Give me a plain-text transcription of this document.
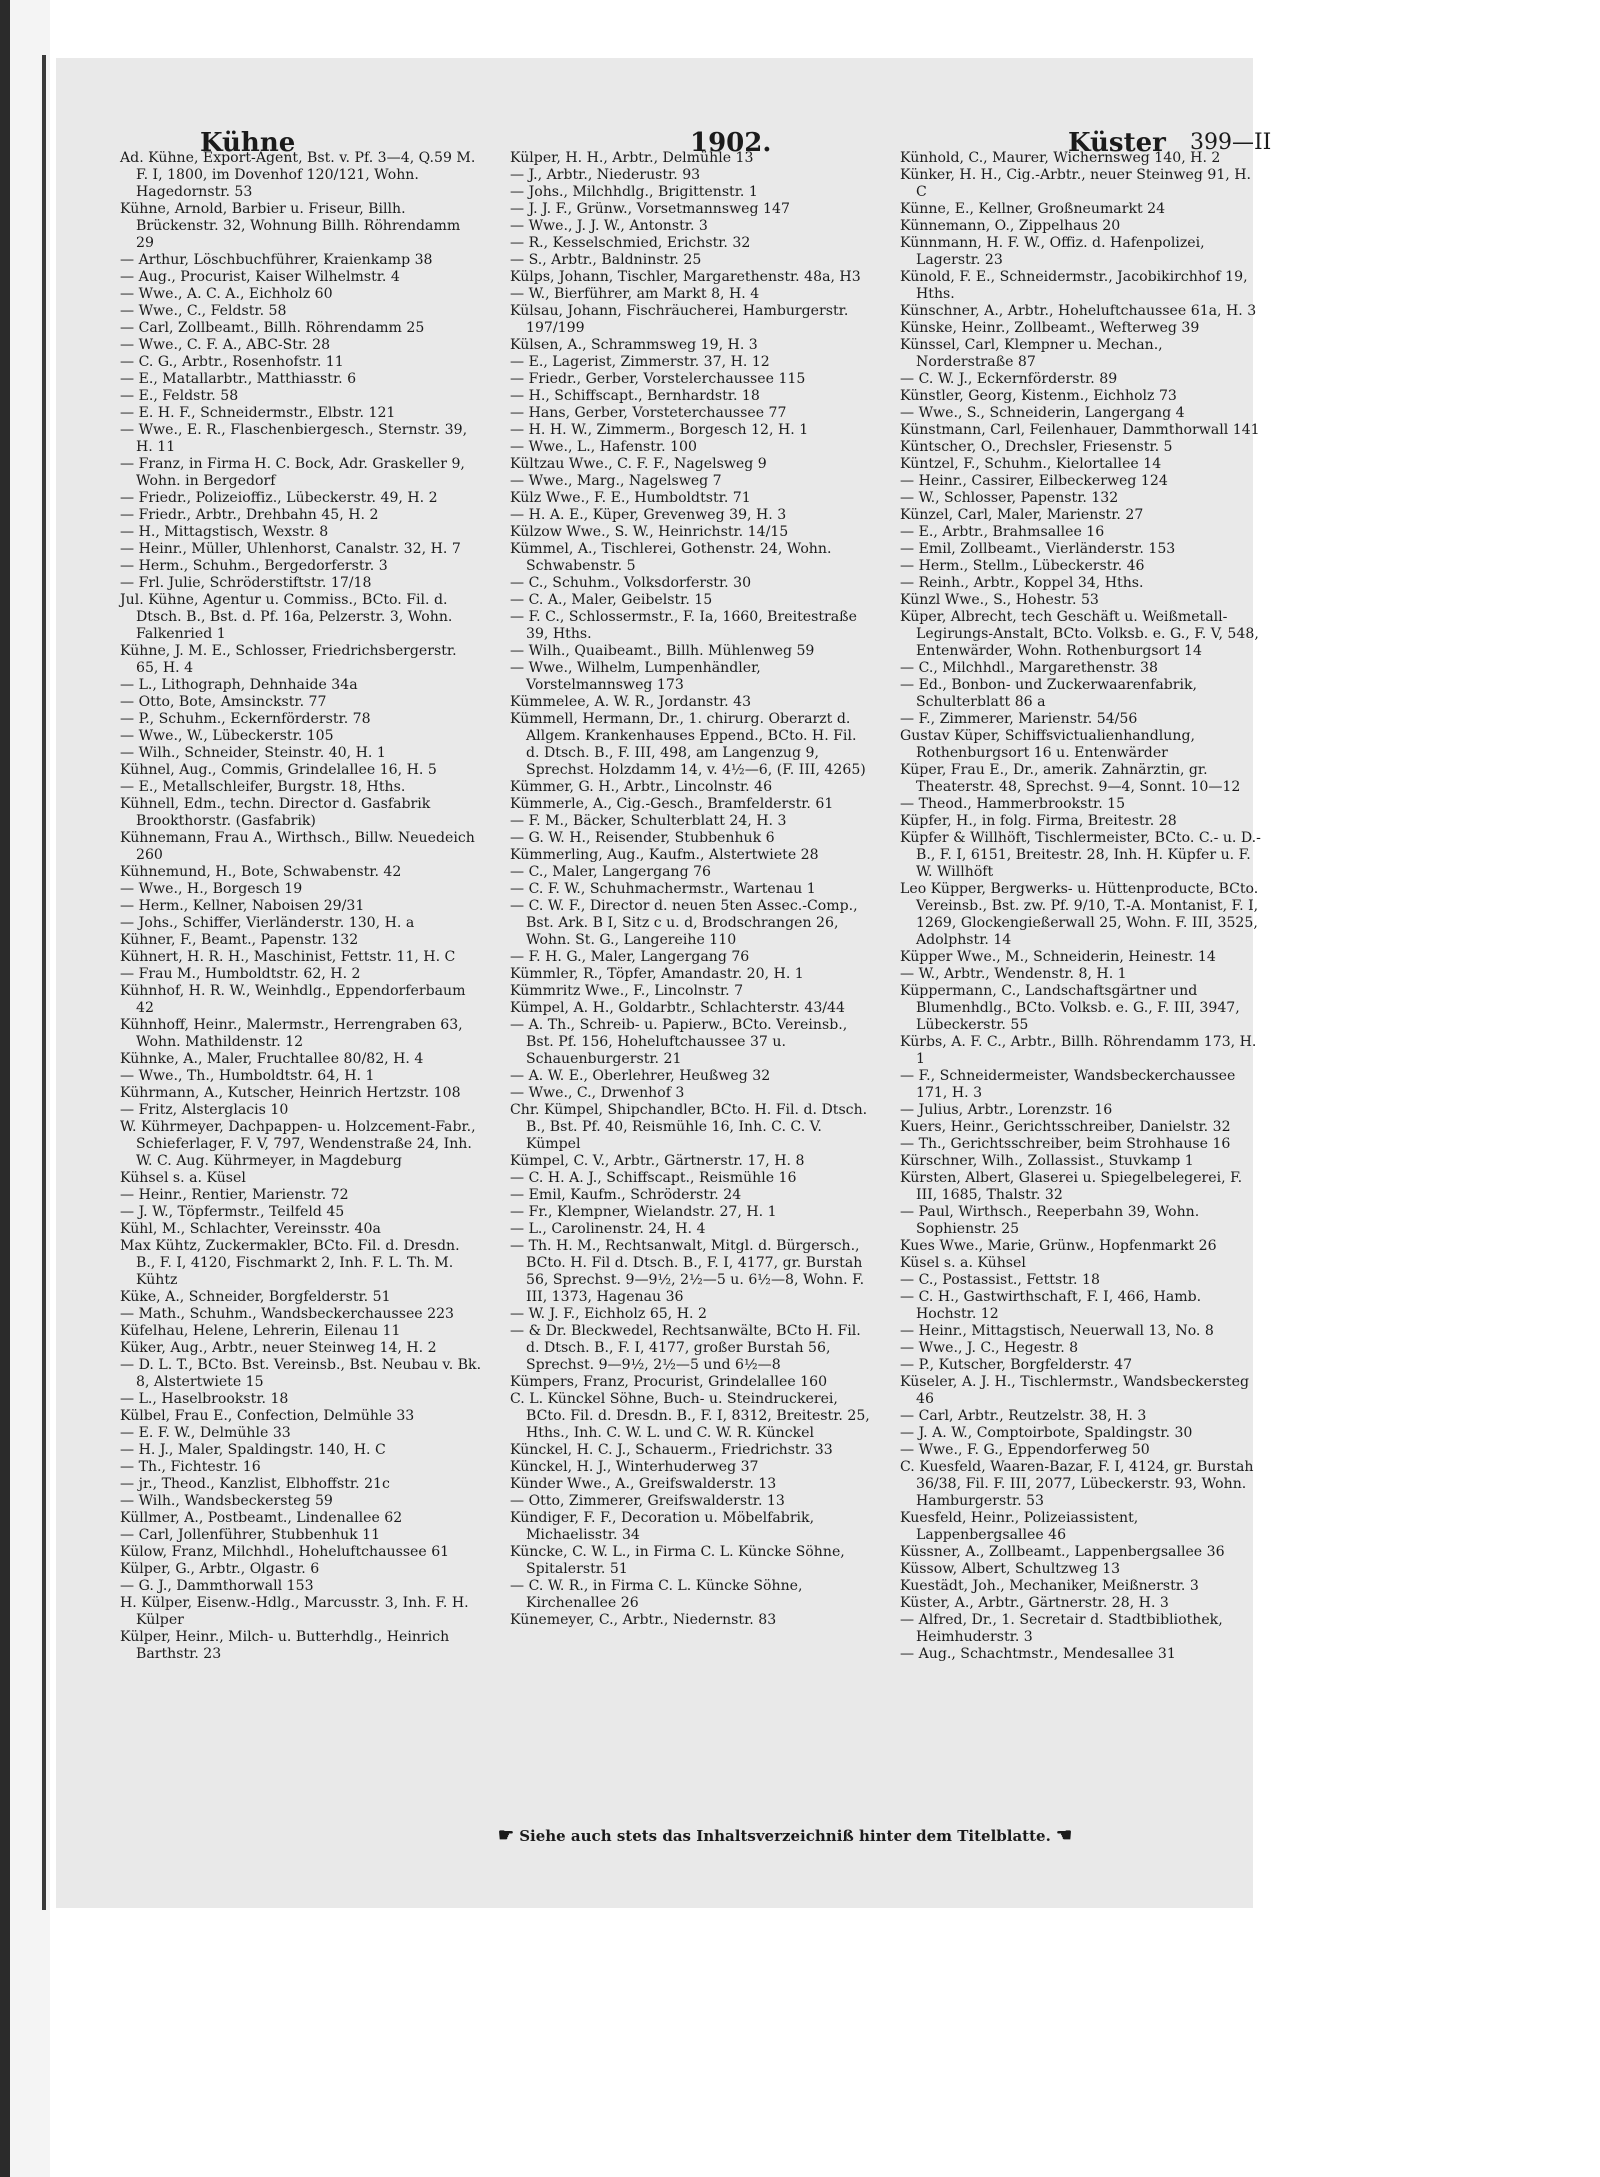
Kühne	1902.	Küster 399—II

Ad. Kühne, Export-Agent, Bst. v. Pf. 3—4, Q.59 M. F. I, 1800, im Dovenhof 120/121, Wohn. Hagedornstr. 53

Kühne, Arnold, Barbier u. Friseur, Billh. Brückenstr. 32, Wohnung Billh. Röhrendamm 29

— Arthur, Löschbuchführer, Kraienkamp 38

— Aug., Procurist, Kaiser Wilhelmstr. 4

— Wwe., A. C. A., Eichholz 60

— Wwe., C., Feldstr. 58

— Carl, Zollbeamt., Billh. Röhrendamm 25

— Wwe., C. F. A., ABC-Str. 28

— C. G., Arbtr., Rosenhofstr. 11

— E., Matallarbtr., Matthiasstr. 6

— E., Feldstr. 58

— E. H. F., Schneidermstr., Elbstr. 121

— Wwe., E. R., Flaschenbiergesch., Sternstr. 39, H. 11

— Franz, in Firma H. C. Bock, Adr. Graskeller 9, Wohn. in Bergedorf

— Friedr., Polizeioffiz., Lübeckerstr. 49, H. 2

— Friedr., Arbtr., Drehbahn 45, H. 2

— H., Mittagstisch, Wexstr. 8

— Heinr., Müller, Uhlenhorst, Canalstr. 32, H. 7

— Herm., Schuhm., Bergedorferstr. 3

— Frl. Julie, Schröderstiftstr. 17/18

Jul. Kühne, Agentur u. Commiss., BCto. Fil. d. Dtsch. B., Bst. d. Pf. 16a, Pelzerstr. 3, Wohn. Falkenried 1

Kühne, J. M. E., Schlosser, Friedrichsbergerstr. 65, H. 4

— L., Lithograph, Dehnhaide 34a

— Otto, Bote, Amsinckstr. 77

— P., Schuhm., Eckernförderstr. 78

— Wwe., W., Lübeckerstr. 105

— Wilh., Schneider, Steinstr. 40, H. 1

Kühnel, Aug., Commis, Grindelallee 16, H. 5

— E., Metallschleifer, Burgstr. 18, Hths.

Kühnell, Edm., techn. Director d. Gasfabrik Brookthorstr. (Gasfabrik)

Kühnemann, Frau A., Wirthsch., Billw. Neuedeich 260

Kühnemund, H., Bote, Schwabenstr. 42

— Wwe., H., Borgesch 19

— Herm., Kellner, Naboisen 29/31

— Johs., Schiffer, Vierländerstr. 130, H. a

Kühner, F., Beamt., Papenstr. 132

Kühnert, H. R. H., Maschinist, Fettstr. 11, H. C

— Frau M., Humboldtstr. 62, H. 2

Kühnhof, H. R. W., Weinhdlg., Eppendorferbaum 42

Kühnhoff, Heinr., Malermstr., Herrengraben 63, Wohn. Mathildenstr. 12

Kühnke, A., Maler, Fruchtallee 80/82, H. 4

— Wwe., Th., Humboldtstr. 64, H. 1

Kührmann, A., Kutscher, Heinrich Hertzstr. 108

— Fritz, Alsterglacis 10

W. Kührmeyer, Dachpappen- u. Holzcement-Fabr., Schieferlager, F. V, 797, Wendenstraße 24, Inh. W. C. Aug. Kührmeyer, in Magdeburg

Kühsel s. a. Küsel

— Heinr., Rentier, Marienstr. 72

— J. W., Töpfermstr., Teilfeld 45

Kühl, M., Schlachter, Vereinsstr. 40a

Max Kühtz, Zuckermakler, BCto. Fil. d. Dresdn. B., F. I, 4120, Fischmarkt 2, Inh. F. L. Th. M. Kühtz

Küke, A., Schneider, Borgfelderstr. 51

— Math., Schuhm., Wandsbeckerchaussee 223

Küfelhau, Helene, Lehrerin, Eilenau 11

Küker, Aug., Arbtr., neuer Steinweg 14, H. 2

— D. L. T., BCto. Bst. Vereinsb., Bst. Neubau v. Bk. 8, Alstertwiete 15

— L., Haselbrookstr. 18

Külbel, Frau E., Confection, Delmühle 33

— E. F. W., Delmühle 33

— H. J., Maler, Spaldingstr. 140, H. C

— Th., Fichtestr. 16

— jr., Theod., Kanzlist, Elbhoffstr. 21c

— Wilh., Wandsbeckersteg 59

Küllmer, A., Postbeamt., Lindenallee 62

— Carl, Jollenführer, Stubbenhuk 11

Külow, Franz, Milchhdl., Hoheluftchaussee 61

Külper, G., Arbtr., Olgastr. 6

— G. J., Dammthorwall 153

H. Külper, Eisenw.-Hdlg., Marcusstr. 3, Inh. F. H. Külper

Külper, Heinr., Milch- u. Butterhdlg., Heinrich Barthstr. 23

Külper, H. H., Arbtr., Delmühle 13

— J., Arbtr., Niederustr. 93

— Johs., Milchhdlg., Brigittenstr. 1

— J. J. F., Grünw., Vorsetmannsweg 147

— Wwe., J. J. W., Antonstr. 3

— R., Kesselschmied, Erichstr. 32

— S., Arbtr., Baldninstr. 25

Külps, Johann, Tischler, Margarethenstr. 48a, H3

— W., Bierführer, am Markt 8, H. 4

Külsau, Johann, Fischräucherei, Hamburgerstr. 197/199

Külsen, A., Schrammsweg 19, H. 3

— E., Lagerist, Zimmerstr. 37, H. 12

— Friedr., Gerber, Vorstelerchaussee 115

— H., Schiffscapt., Bernhardstr. 18

— Hans, Gerber, Vorsteterchaussee 77

— H. H. W., Zimmerm., Borgesch 12, H. 1

— Wwe., L., Hafenstr. 100

Kültzau Wwe., C. F. F., Nagelsweg 9

— Wwe., Marg., Nagelsweg 7

Külz Wwe., F. E., Humboldtstr. 71

— H. A. E., Küper, Grevenweg 39, H. 3

Külzow Wwe., S. W., Heinrichstr. 14/15

Kümmel, A., Tischlerei, Gothenstr. 24, Wohn. Schwabenstr. 5

— C., Schuhm., Volksdorferstr. 30

— C. A., Maler, Geibelstr. 15

— F. C., Schlossermstr., F. Ia, 1660, Breitestraße 39, Hths.

— Wilh., Quaibeamt., Billh. Mühlenweg 59

— Wwe., Wilhelm, Lumpenhändler, Vorstelmannsweg 173

Kümmelee, A. W. R., Jordanstr. 43

Kümmell, Hermann, Dr., 1. chirurg. Oberarzt d. Allgem. Krankenhauses Eppend., BCto. H. Fil. d. Dtsch. B., F. III, 498, am Langenzug 9, Sprechst. Holzdamm 14, v. 4½—6, (F. III, 4265)

Kümmer, G. H., Arbtr., Lincolnstr. 46

Kümmerle, A., Cig.-Gesch., Bramfelderstr. 61

— F. M., Bäcker, Schulterblatt 24, H. 3

— G. W. H., Reisender, Stubbenhuk 6

Kümmerling, Aug., Kaufm., Alstertwiete 28

— C., Maler, Langergang 76

— C. F. W., Schuhmachermstr., Wartenau 1

— C. W. F., Director d. neuen 5ten Assec.-Comp., Bst. Ark. B I, Sitz c u. d, Brodschrangen 26, Wohn. St. G., Langereihe 110

— F. H. G., Maler, Langergang 76

Kümmler, R., Töpfer, Amandastr. 20, H. 1

Kümmritz Wwe., F., Lincolnstr. 7

Kümpel, A. H., Goldarbtr., Schlachterstr. 43/44

— A. Th., Schreib- u. Papierw., BCto. Vereinsb., Bst. Pf. 156, Hoheluftchaussee 37 u. Schauenburgerstr. 21

— A. W. E., Oberlehrer, Heußweg 32

— Wwe., C., Drwenhof 3

Chr. Kümpel, Shipchandler, BCto. H. Fil. d. Dtsch. B., Bst. Pf. 40, Reismühle 16, Inh. C. C. V. Kümpel

Kümpel, C. V., Arbtr., Gärtnerstr. 17, H. 8

— C. H. A. J., Schiffscapt., Reismühle 16

— Emil, Kaufm., Schröderstr. 24

— Fr., Klempner, Wielandstr. 27, H. 1

— L., Carolinenstr. 24, H. 4

— Th. H. M., Rechtsanwalt, Mitgl. d. Bürgersch., BCto. H. Fil d. Dtsch. B., F. I, 4177, gr. Burstah 56, Sprechst. 9—9½, 2½—5 u. 6½—8, Wohn. F. III, 1373, Hagenau 36

— W. J. F., Eichholz 65, H. 2

— & Dr. Bleckwedel, Rechtsanwälte, BCto H. Fil. d. Dtsch. B., F. I, 4177, großer Burstah 56, Sprechst. 9—9½, 2½—5 und 6½—8

Kümpers, Franz, Procurist, Grindelallee 160

C. L. Künckel Söhne, Buch- u. Steindruckerei, BCto. Fil. d. Dresdn. B., F. I, 8312, Breitestr. 25, Hths., Inh. C. W. L. und C. W. R. Künckel

Künckel, H. C. J., Schauerm., Friedrichstr. 33

Künckel, H. J., Winterhuderweg 37

Künder Wwe., A., Greifswalderstr. 13

— Otto, Zimmerer, Greifswalderstr. 13

Kündiger, F. F., Decoration u. Möbelfabrik, Michaelisstr. 34

Küncke, C. W. L., in Firma C. L. Küncke Söhne, Spitalerstr. 51

— C. W. R., in Firma C. L. Küncke Söhne, Kirchenallee 26

Künemeyer, C., Arbtr., Niedernstr. 83

Künhold, C., Maurer, Wichernsweg 140, H. 2

Künker, H. H., Cig.-Arbtr., neuer Steinweg 91, H. C

Künne, E., Kellner, Großneumarkt 24

Künnemann, O., Zippelhaus 20

Künnmann, H. F. W., Offiz. d. Hafenpolizei, Lagerstr. 23

Künold, F. E., Schneidermstr., Jacobikirchhof 19, Hths.

Künschner, A., Arbtr., Hoheluftchaussee 61a, H. 3

Künske, Heinr., Zollbeamt., Wefterweg 39

Künssel, Carl, Klempner u. Mechan., Norderstraße 87

— C. W. J., Eckernförderstr. 89

Künstler, Georg, Kistenm., Eichholz 73

— Wwe., S., Schneiderin, Langergang 4

Künstmann, Carl, Feilenhauer, Dammthorwall 141

Küntscher, O., Drechsler, Friesenstr. 5

Küntzel, F., Schuhm., Kielortallee 14

— Heinr., Cassirer, Eilbeckerweg 124

— W., Schlosser, Papenstr. 132

Künzel, Carl, Maler, Marienstr. 27

— E., Arbtr., Brahmsallee 16

— Emil, Zollbeamt., Vierländerstr. 153

— Herm., Stellm., Lübeckerstr. 46

— Reinh., Arbtr., Koppel 34, Hths.

Künzl Wwe., S., Hohestr. 53

Küper, Albrecht, tech Geschäft u. Weißmetall-Legirungs-Anstalt, BCto. Volksb. e. G., F. V, 548, Entenwärder, Wohn. Rothenburgsort 14

— C., Milchhdl., Margarethenstr. 38

— Ed., Bonbon- und Zuckerwaarenfabrik, Schulterblatt 86 a

— F., Zimmerer, Marienstr. 54/56

Gustav Küper, Schiffsvictualienhandlung, Rothenburgsort 16 u. Entenwärder

Küper, Frau E., Dr., amerik. Zahnärztin, gr. Theaterstr. 48, Sprechst. 9—4, Sonnt. 10—12

— Theod., Hammerbrookstr. 15

Küpfer, H., in folg. Firma, Breitestr. 28

Küpfer & Willhöft, Tischlermeister, BCto. C.- u. D.-B., F. I, 6151, Breitestr. 28, Inh. H. Küpfer u. F. W. Willhöft

Leo Küpper, Bergwerks- u. Hüttenproducte, BCto. Vereinsb., Bst. zw. Pf. 9/10, T.-A. Montanist, F. I, 1269, Glockengießerwall 25, Wohn. F. III, 3525, Adolphstr. 14

Küpper Wwe., M., Schneiderin, Heinestr. 14

— W., Arbtr., Wendenstr. 8, H. 1

Küppermann, C., Landschaftsgärtner und Blumenhdlg., BCto. Volksb. e. G., F. III, 3947, Lübeckerstr. 55

Kürbs, A. F. C., Arbtr., Billh. Röhrendamm 173, H. 1

— F., Schneidermeister, Wandsbeckerchaussee 171, H. 3

— Julius, Arbtr., Lorenzstr. 16

Kuers, Heinr., Gerichtsschreiber, Danielstr. 32

— Th., Gerichtsschreiber, beim Strohhause 16

Kürschner, Wilh., Zollassist., Stuvkamp 1

Kürsten, Albert, Glaserei u. Spiegelbelegerei, F. III, 1685, Thalstr. 32

— Paul, Wirthsch., Reeperbahn 39, Wohn. Sophienstr. 25

Kues Wwe., Marie, Grünw., Hopfenmarkt 26

Küsel s. a. Kühsel

— C., Postassist., Fettstr. 18

— C. H., Gastwirthschaft, F. I, 466, Hamb. Hochstr. 12

— Heinr., Mittagstisch, Neuerwall 13, No. 8

— Wwe., J. C., Hegestr. 8

— P., Kutscher, Borgfelderstr. 47

Küseler, A. J. H., Tischlermstr., Wandsbeckersteg 46

— Carl, Arbtr., Reutzelstr. 38, H. 3

— J. A. W., Comptoirbote, Spaldingstr. 30

— Wwe., F. G., Eppendorferweg 50

C. Kuesfeld, Waaren-Bazar, F. I, 4124, gr. Burstah 36/38, Fil. F. III, 2077, Lübeckerstr. 93, Wohn. Hamburgerstr. 53

Kuesfeld, Heinr., Polizeiassistent, Lappenbergsallee 46

Küssner, A., Zollbeamt., Lappenbergsallee 36

Küssow, Albert, Schultzweg 13

Kuestädt, Joh., Mechaniker, Meißnerstr. 3

Küster, A., Arbtr., Gärtnerstr. 28, H. 3

— Alfred, Dr., 1. Secretair d. Stadtbibliothek, Heimhuderstr. 3

— Aug., Schachtmstr., Mendesallee 31

☛ Siehe auch stets das Inhaltsverzeichniß hinter dem Titelblatte. ☚
